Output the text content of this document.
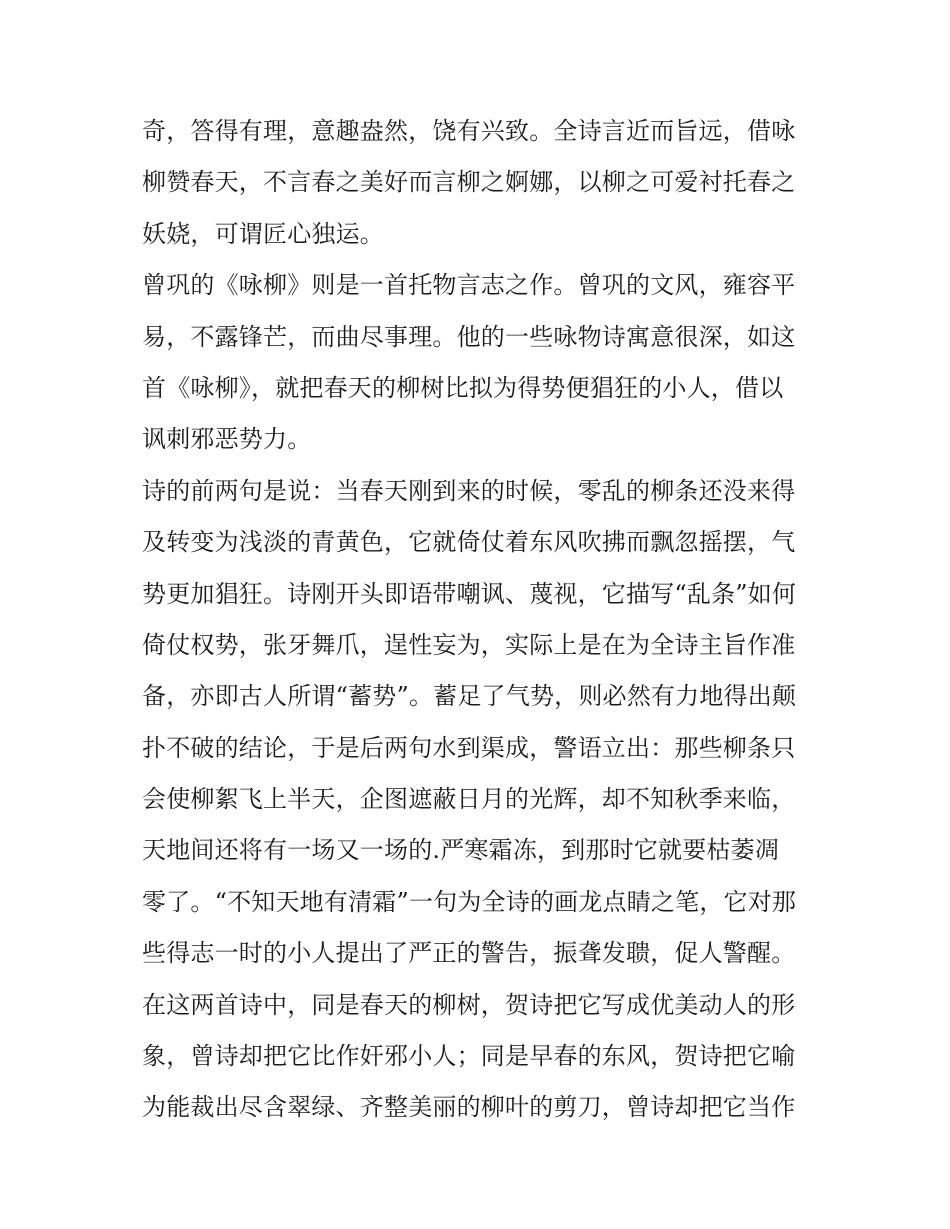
奇，答得有理，意趣盎然，饶有兴致。全诗言近而旨远，借咏
柳赞春天，不言春之美好而言柳之婀娜，以柳之可爱衬托春之
妖娆，可谓匠心独运。
曾巩的《咏柳》则是一首托物言志之作。曾巩的文风，雍容平
易，不露锋芒，而曲尽事理。他的一些咏物诗寓意很深，如这
首《咏柳》，就把春天的柳树比拟为得势便猖狂的小人，借以
讽刺邪恶势力。
诗的前两句是说：当春天刚到来的时候，零乱的柳条还没来得
及转变为浅淡的青黄色，它就倚仗着东风吹拂而飘忽摇摆，气
势更加猖狂。诗刚开头即语带嘲讽、蔑视，它描写“乱条”如何
倚仗权势，张牙舞爪，逞性妄为，实际上是在为全诗主旨作准
备，亦即古人所谓“蓄势”。蓄足了气势，则必然有力地得出颠
扑不破的结论，于是后两句水到渠成，警语立出：那些柳条只
会使柳絮飞上半天，企图遮蔽日月的光辉，却不知秋季来临，
天地间还将有一场又一场的.严寒霜冻，到那时它就要枯萎凋
零了。“不知天地有清霜”一句为全诗的画龙点睛之笔，它对那
些得志一时的小人提出了严正的警告，振聋发聩，促人警醒。
在这两首诗中，同是春天的柳树，贺诗把它写成优美动人的形
象，曾诗却把它比作奸邪小人；同是早春的东风，贺诗把它喻
为能裁出尽含翠绿、齐整美丽的柳叶的剪刀，曾诗却把它当作
